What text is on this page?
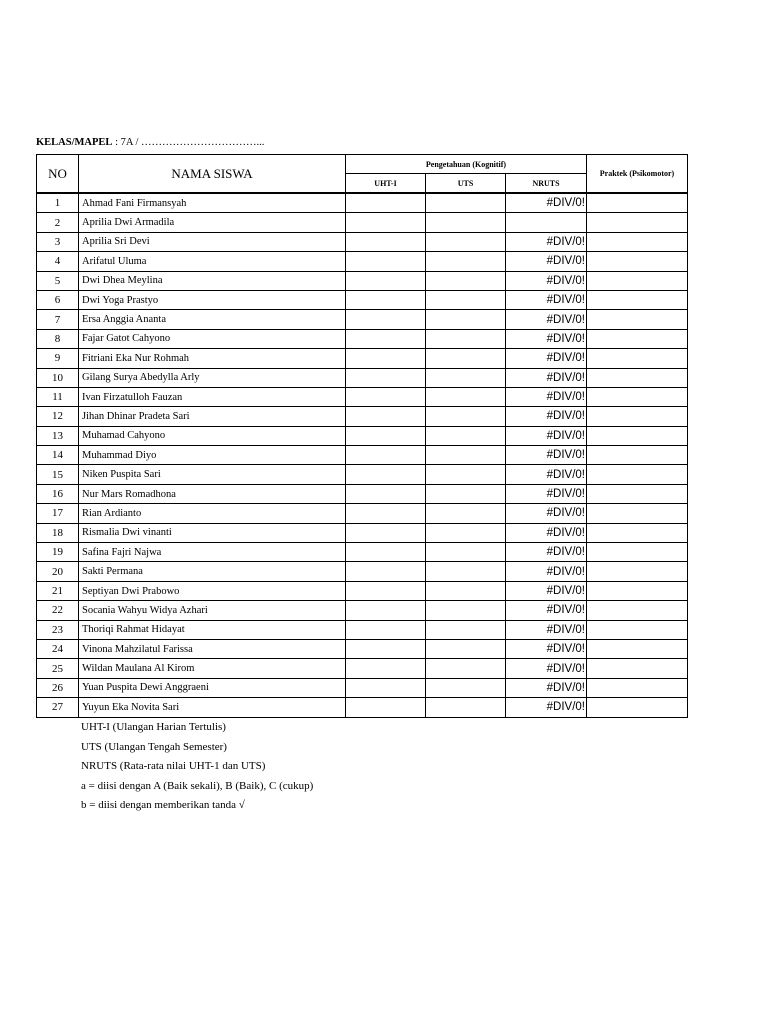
KELAS/MAPEL : 7A / ……………………………...
NO	NAMA SISWA	Pengetahuan (Kognitif)			Praktek (Psikomotor)
		UHT-I	UTS	NRUTS	
1	Ahmad Fani Firmansyah			#DIV/0!	
2	Aprilia Dwi Armadila				
3	Aprilia Sri Devi			#DIV/0!	
4	Arifatul Uluma			#DIV/0!	
5	Dwi Dhea Meylina			#DIV/0!	
6	Dwi Yoga Prastyo			#DIV/0!	
7	Ersa Anggia Ananta			#DIV/0!	
8	Fajar Gatot Cahyono			#DIV/0!	
9	Fitriani Eka Nur Rohmah			#DIV/0!	
10	Gilang Surya Abedylla Arly			#DIV/0!	
11	Ivan Firzatulloh Fauzan			#DIV/0!	
12	Jihan Dhinar Pradeta Sari			#DIV/0!	
13	Muhamad Cahyono			#DIV/0!	
14	Muhammad Diyo			#DIV/0!	
15	Niken Puspita Sari			#DIV/0!	
16	Nur Mars Romadhona			#DIV/0!	
17	Rian Ardianto			#DIV/0!	
18	Rismalia Dwi vinanti			#DIV/0!	
19	Safina Fajri Najwa			#DIV/0!	
20	Sakti Permana			#DIV/0!	
21	Septiyan Dwi Prabowo			#DIV/0!	
22	Socania Wahyu Widya Azhari			#DIV/0!	
23	Thoriqi Rahmat Hidayat			#DIV/0!	
24	Vinona Mahzilatul Farissa			#DIV/0!	
25	Wildan Maulana Al Kirom			#DIV/0!	
26	Yuan Puspita Dewi Anggraeni			#DIV/0!	
27	Yuyun Eka Novita Sari			#DIV/0!	
UHT-I (Ulangan Harian Tertulis)
UTS (Ulangan Tengah Semester)
NRUTS (Rata-rata nilai UHT-1 dan UTS)
a = diisi dengan A (Baik sekali), B (Baik), C (cukup)
b = diisi dengan memberikan tanda √
